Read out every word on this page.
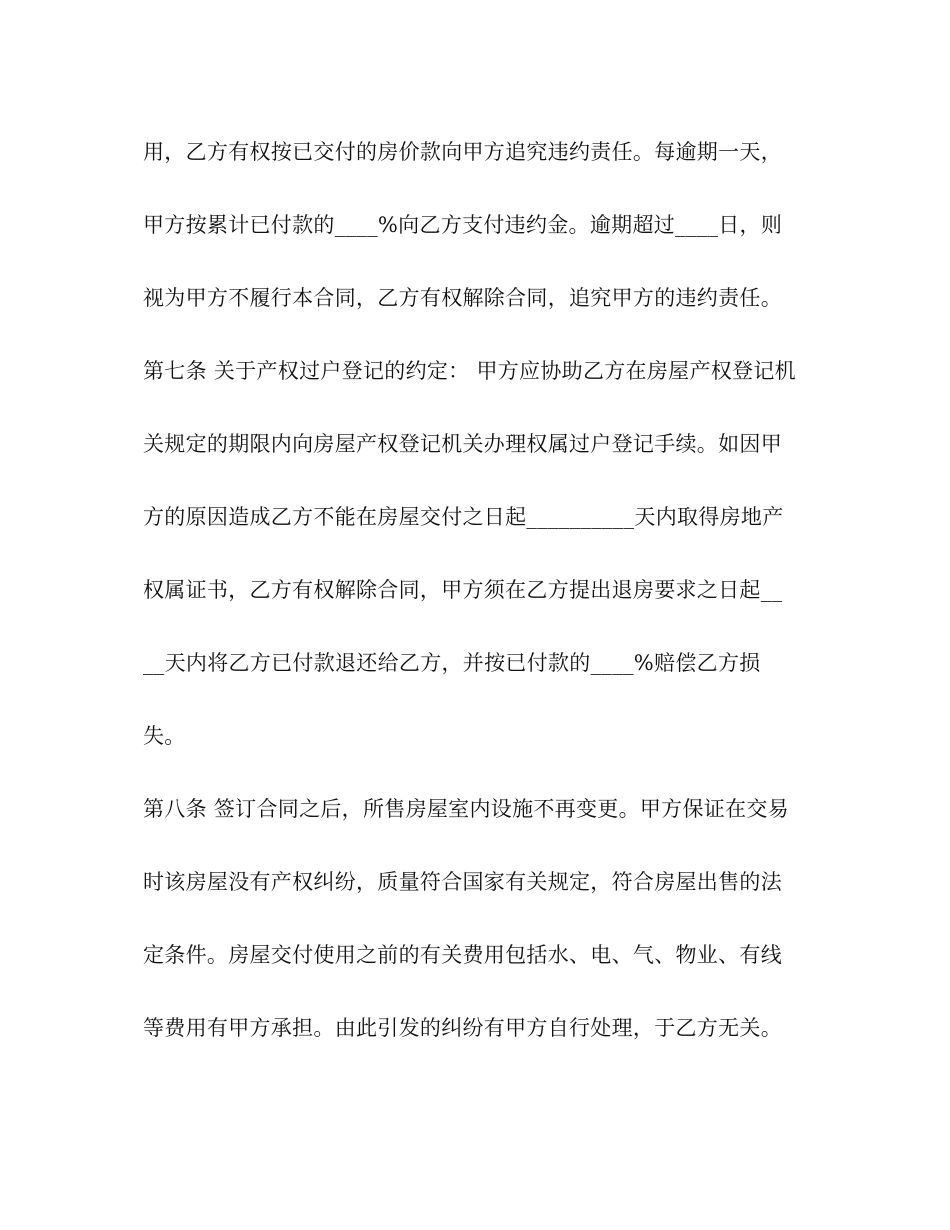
用，乙方有权按已交付的房价款向甲方追究违约责任。每逾期一天，
甲方按累计已付款的____%向乙方支付违约金。逾期超过____日，则
视为甲方不履行本合同，乙方有权解除合同，追究甲方的违约责任。
第七条 关于产权过户登记的约定： 甲方应协助乙方在房屋产权登记机
关规定的期限内向房屋产权登记机关办理权属过户登记手续。如因甲
方的原因造成乙方不能在房屋交付之日起__________天内取得房地产
权属证书，乙方有权解除合同，甲方须在乙方提出退房要求之日起__
__天内将乙方已付款退还给乙方，并按已付款的____%赔偿乙方损
失。
第八条 签订合同之后，所售房屋室内设施不再变更。甲方保证在交易
时该房屋没有产权纠纷，质量符合国家有关规定，符合房屋出售的法
定条件。房屋交付使用之前的有关费用包括水、电、气、物业、有线
等费用有甲方承担。由此引发的纠纷有甲方自行处理，于乙方无关。
